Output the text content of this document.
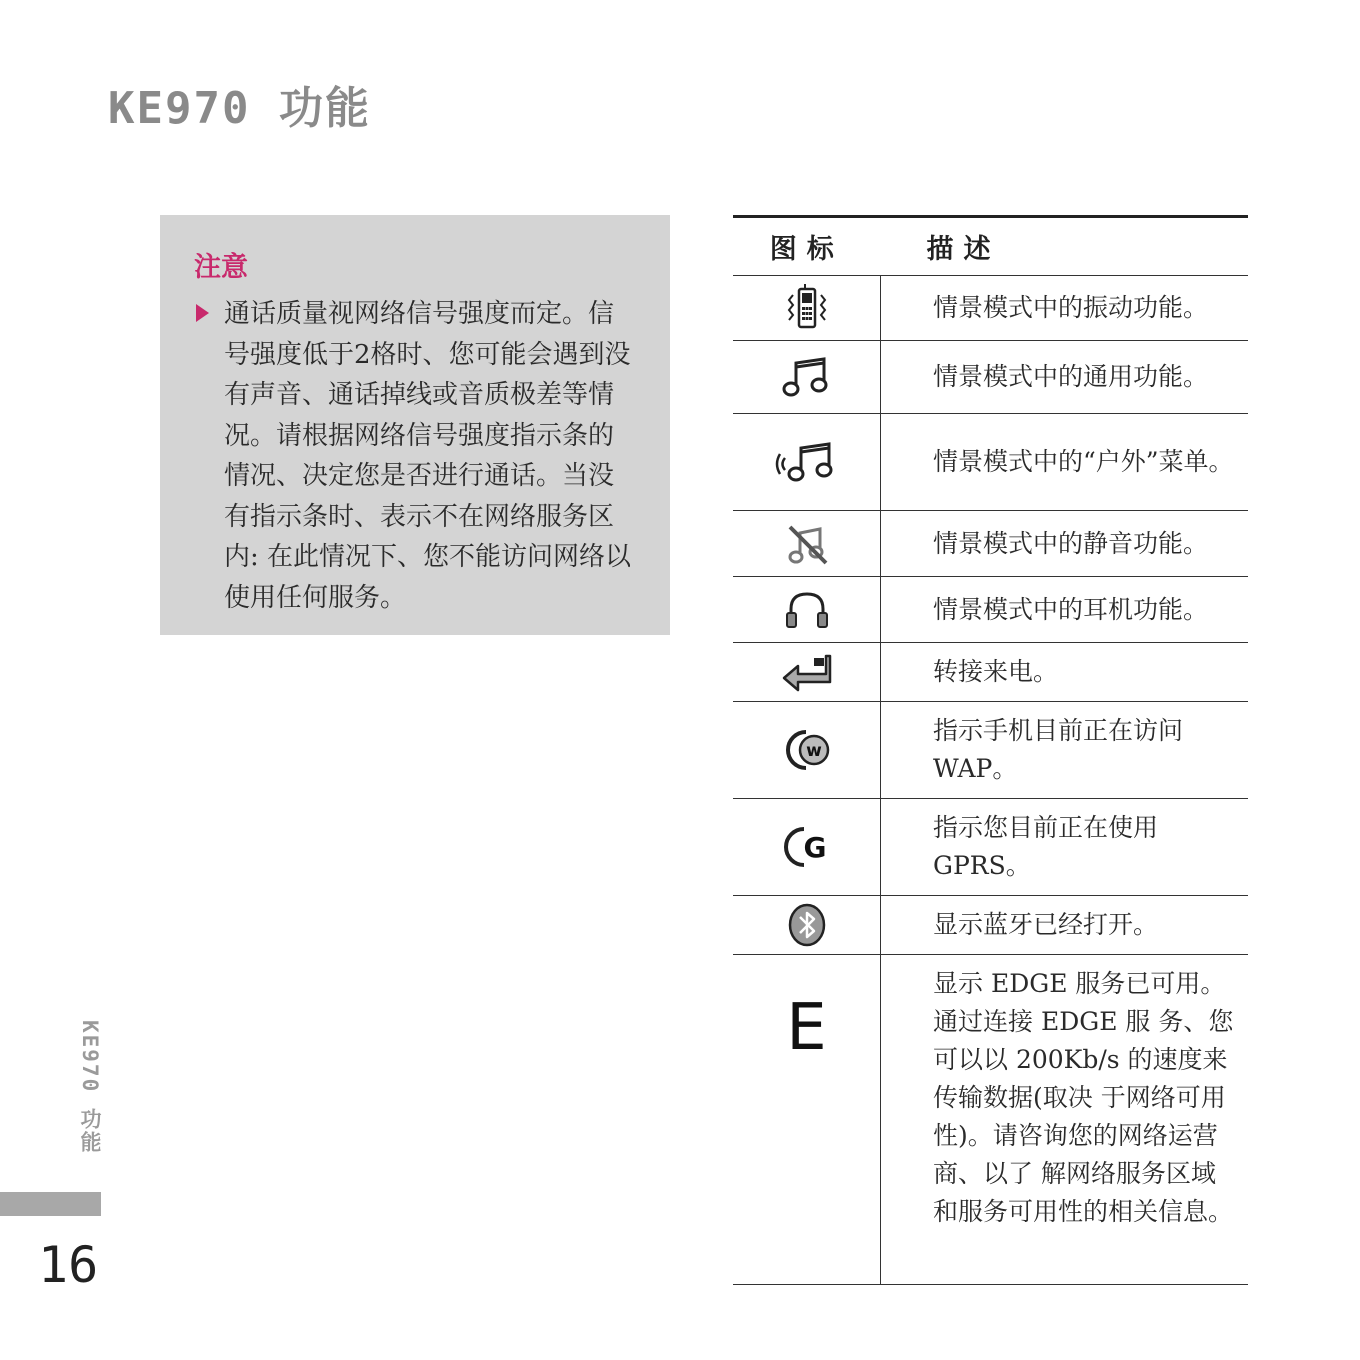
KE970 功能
注意
通话质量视网络信号强度而定。信号强度低于2格时、您可能会遇到没有声音、通话掉线或音质极差等情况。请根据网络信号强度指示条的情况、决定您是否进行通话。当没有指示条时、表示不在网络服务区内: 在此情况下、您不能访问网络以使用任何服务。
图标	描述
	情景模式中的振动功能。
	情景模式中的通用功能。
	情景模式中的“户外”菜单。
	情景模式中的静音功能。
	情景模式中的耳机功能。
	转接来电。

w	指示手机目前正在访问WAP。

G	指示您目前正在使用GPRS。
	显示蓝牙已经打开。
E	显示 EDGE 服务已可用。通过连接 EDGE 服 务、您可以以 200Kb/s 的速度来传输数据(取决 于网络可用性)。请咨询您的网络运营商、以了 解网络服务区域和服务可用性的相关信息。
KE970 功能
16
